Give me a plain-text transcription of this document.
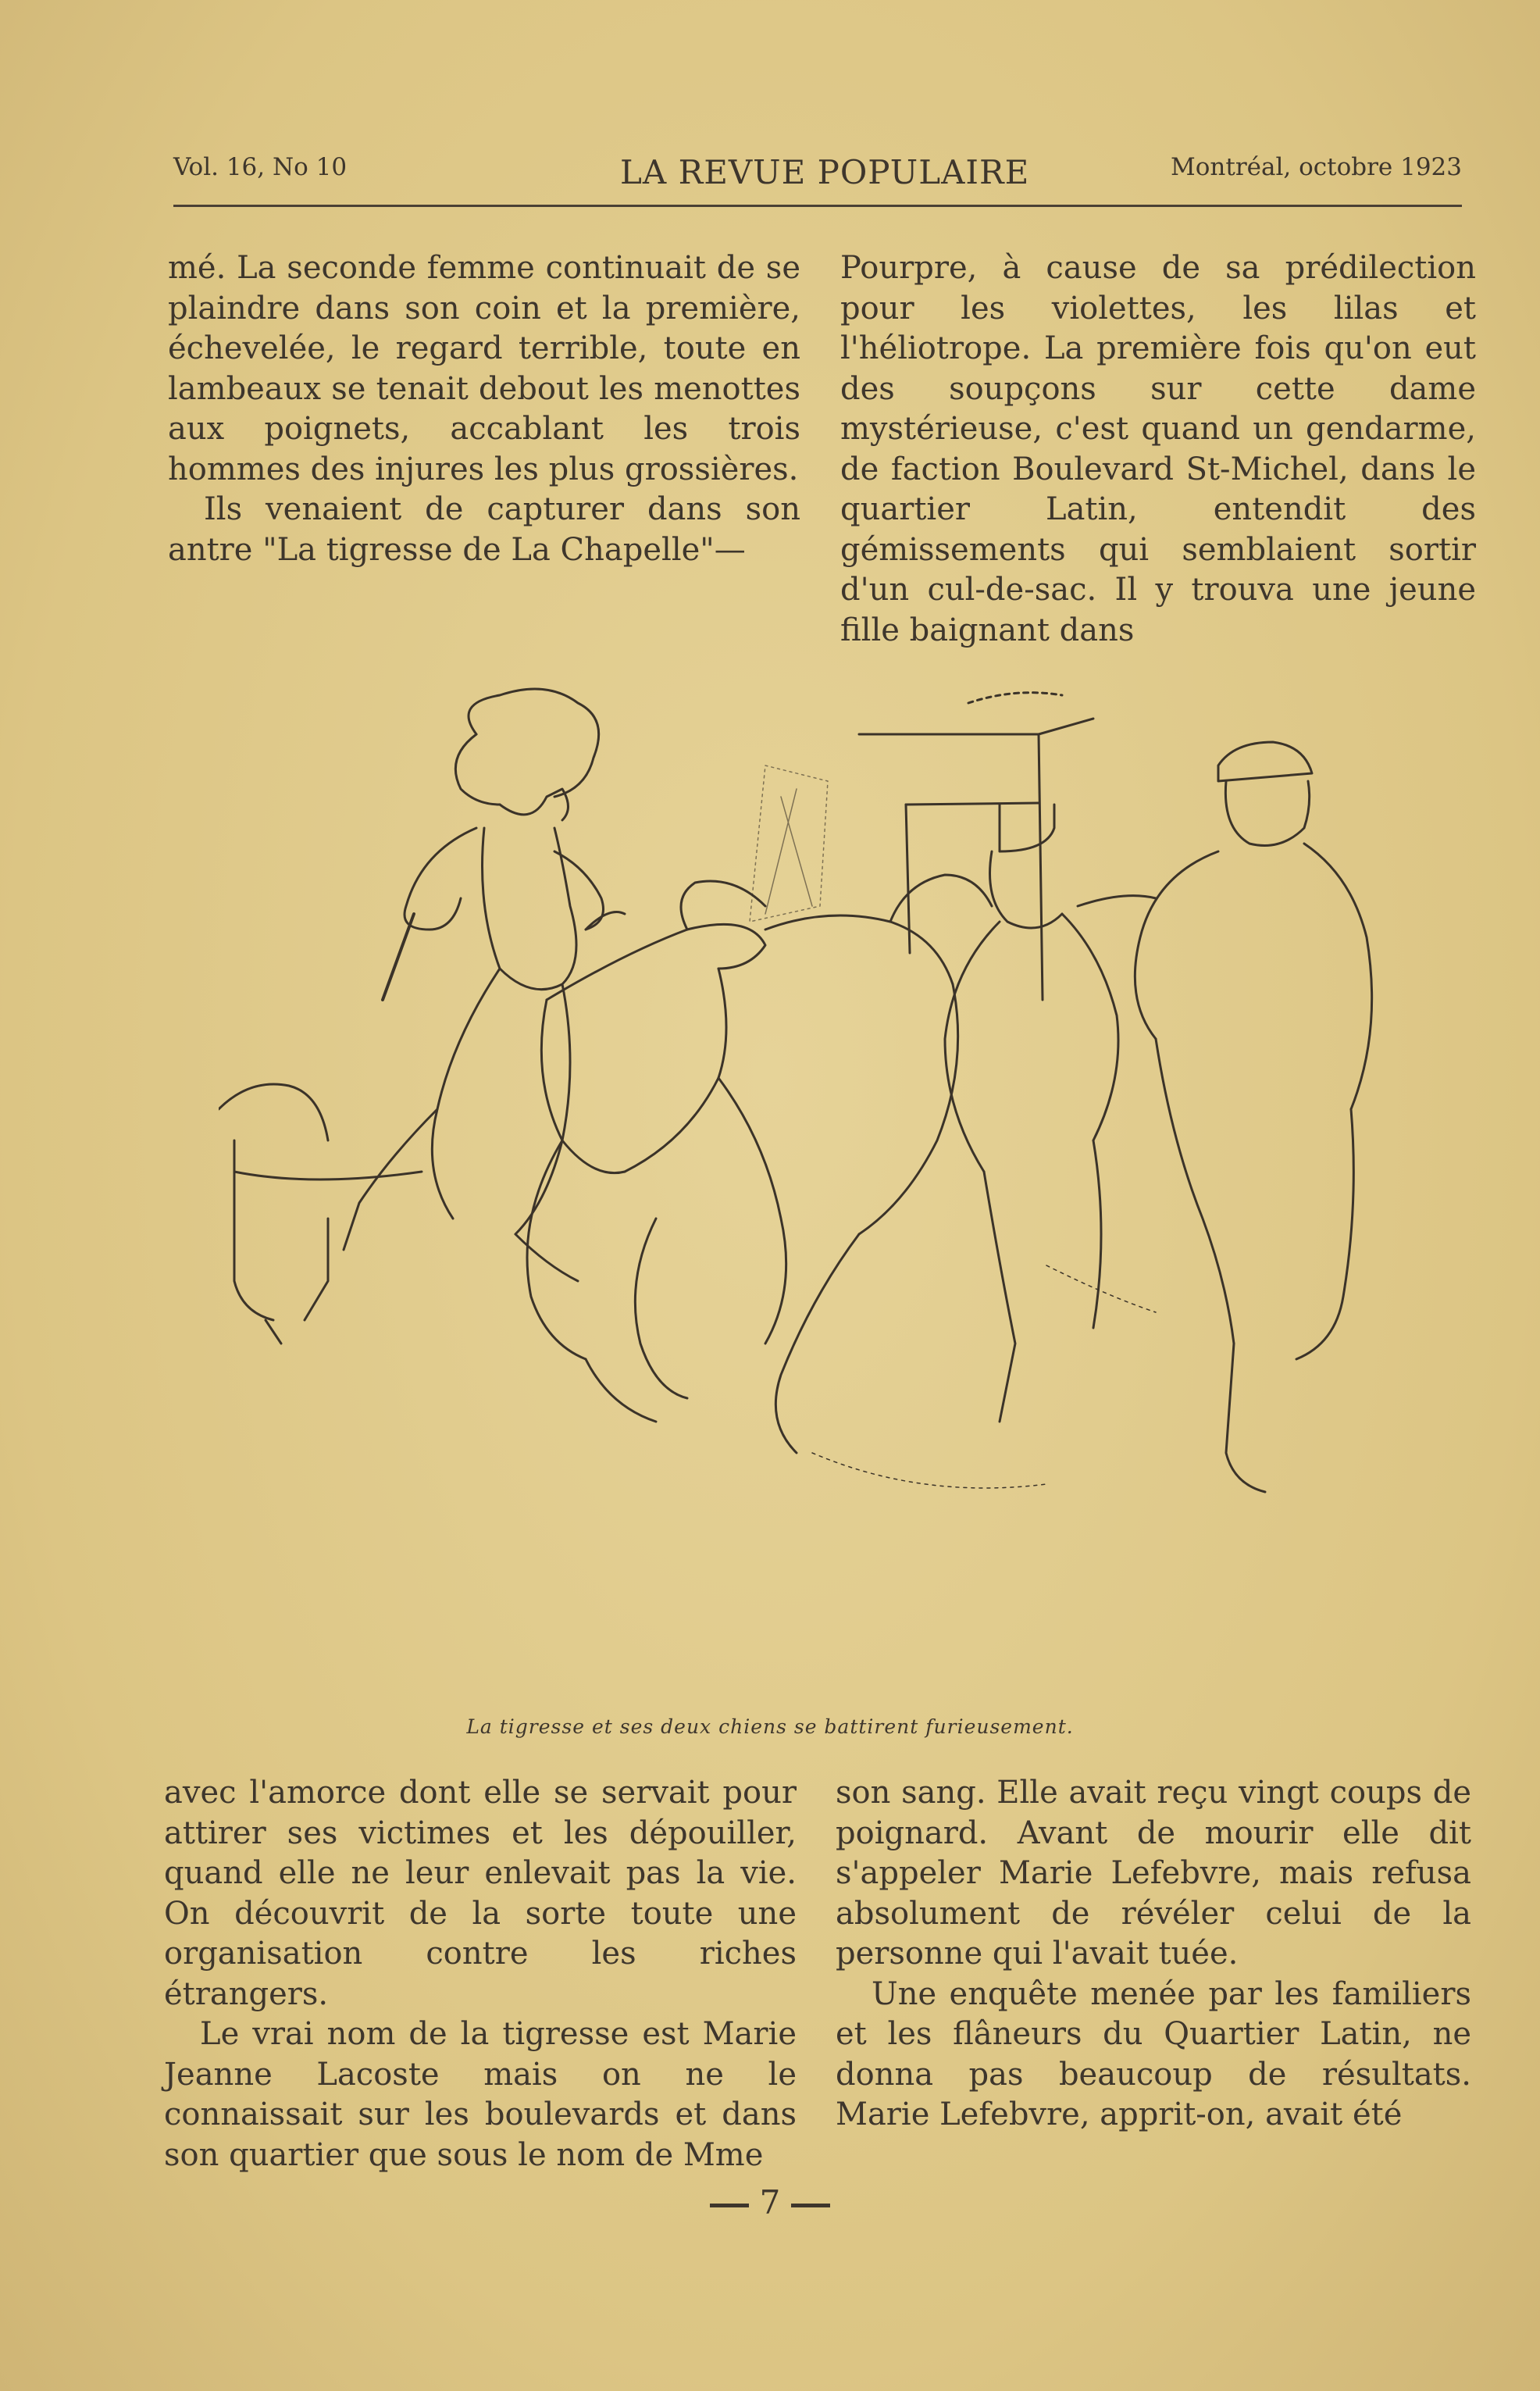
Vol. 16, No 10	LA REVUE POPULAIRE	Montréal, octobre 1923

mé. La seconde femme continuait de se plaindre dans son coin et la première, échevelée, le regard terrible, toute en lambeaux se tenait debout les menottes aux poignets, accablant les trois hommes des injures les plus grossières.

Ils venaient de capturer dans son antre "La tigresse de La Chapelle"—

Pourpre, à cause de sa prédilection pour les violettes, les lilas et l'héliotrope. La première fois qu'on eut des soupçons sur cette dame mystérieuse, c'est quand un gendarme, de faction Boulevard St-Michel, dans le quartier Latin, entendit des gémissements qui semblaient sortir d'un cul-de-sac. Il y trouva une jeune fille baignant dans

La tigresse et ses deux chiens se battirent furieusement.

avec l'amorce dont elle se servait pour attirer ses victimes et les dépouiller, quand elle ne leur enlevait pas la vie. On découvrit de la sorte toute une organisation contre les riches étrangers.

Le vrai nom de la tigresse est Marie Jeanne Lacoste mais on ne le connaissait sur les boulevards et dans son quartier que sous le nom de Mme

son sang. Elle avait reçu vingt coups de poignard. Avant de mourir elle dit s'appeler Marie Lefebvre, mais refusa absolument de révéler celui de la personne qui l'avait tuée.

Une enquête menée par les familiers et les flâneurs du Quartier Latin, ne donna pas beaucoup de résultats. Marie Lefebvre, apprit-on, avait été

7
